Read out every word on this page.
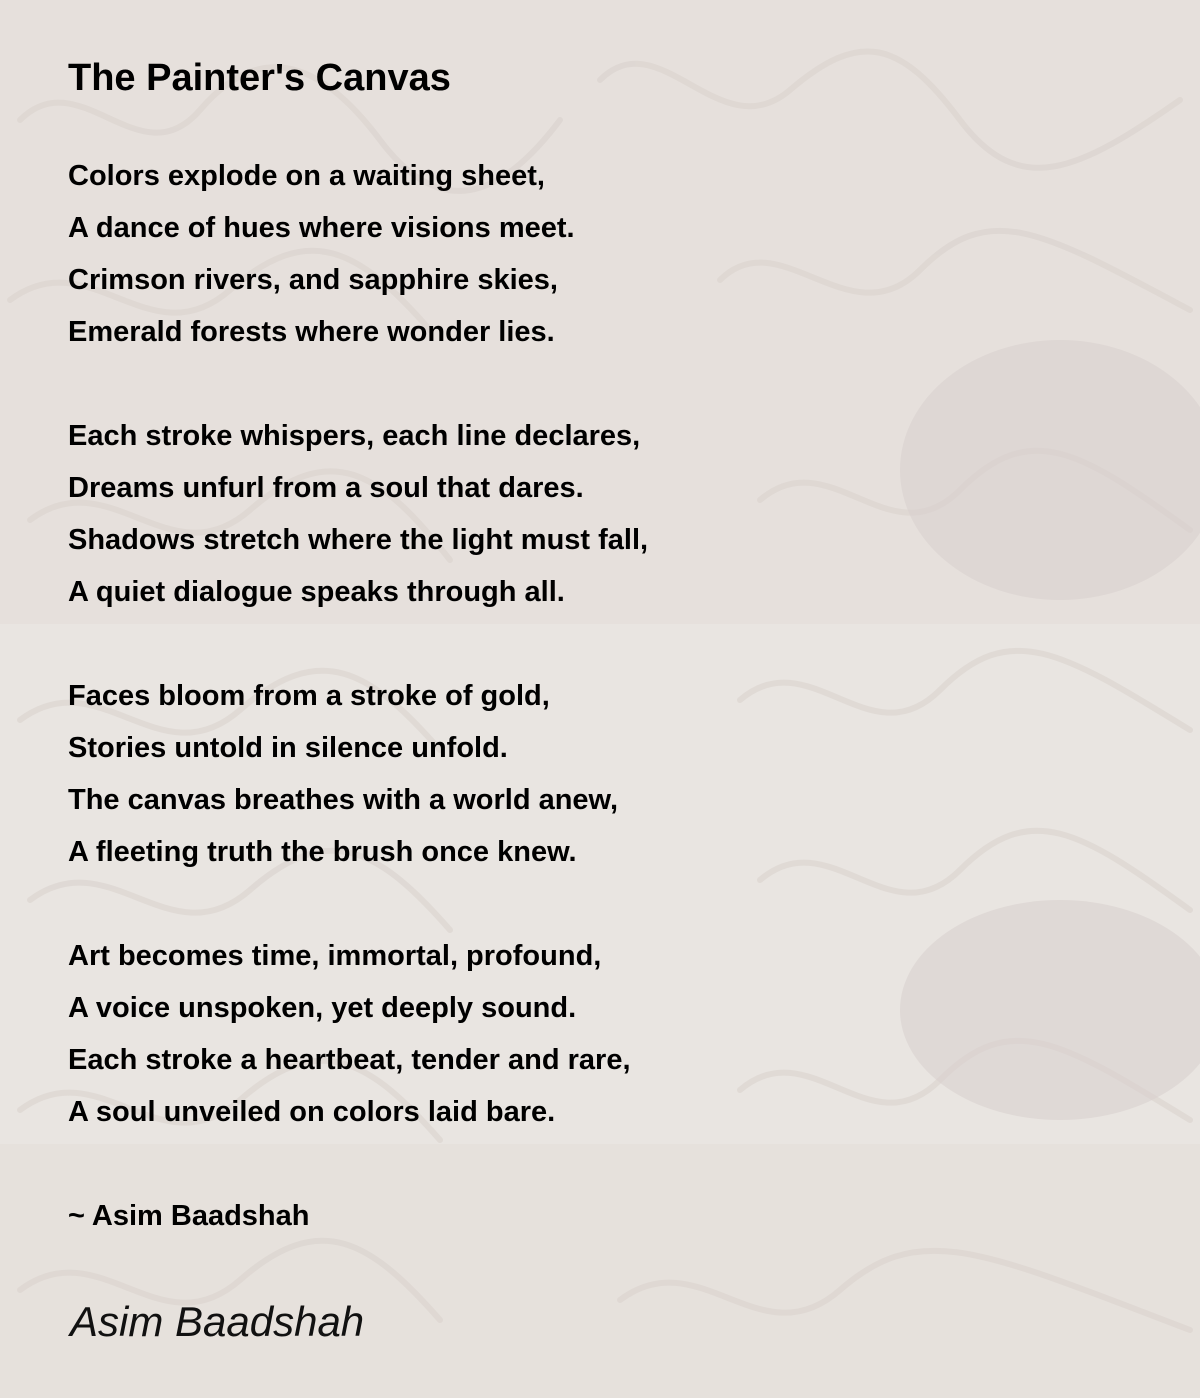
The Painter's Canvas

Colors explode on a waiting sheet,
A dance of hues where visions meet.
Crimson rivers, and sapphire skies,
Emerald forests where wonder lies.

Each stroke whispers, each line declares,
Dreams unfurl from a soul that dares.
Shadows stretch where the light must fall,
A quiet dialogue speaks through all.

Faces bloom from a stroke of gold,
Stories untold in silence unfold.
The canvas breathes with a world anew,
A fleeting truth the brush once knew.

Art becomes time, immortal, profound,
A voice unspoken, yet deeply sound.
Each stroke a heartbeat, tender and rare,
A soul unveiled on colors laid bare.

~ Asim Baadshah
Asim Baadshah
